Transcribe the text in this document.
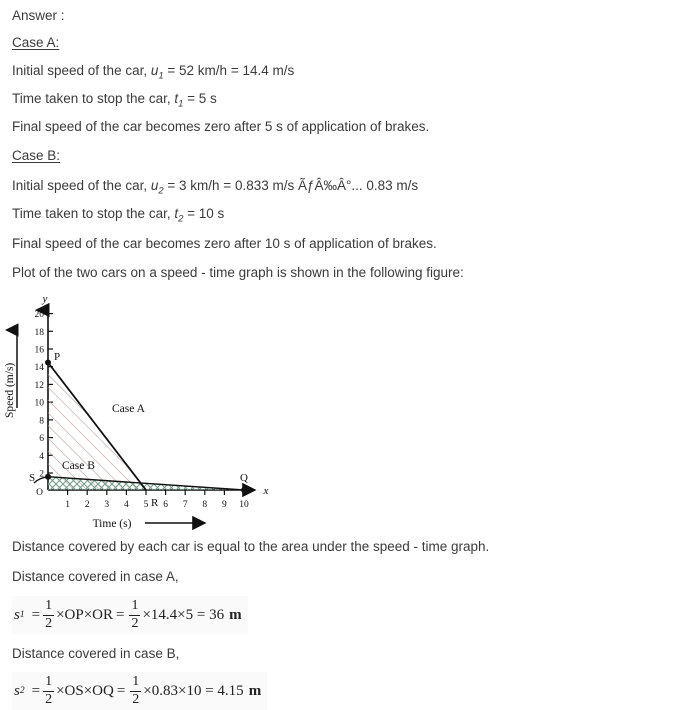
Answer :
Case A:
Initial speed of the car, $u_1 = 52$ km/h = 14.4 m/s
Time taken to stop the car, $t_1 = 5$ s
Final speed of the car becomes zero after 5 s of application of brakes.
Case B:
Initial speed of the car, $u_2 = 3$ km/h = 0.833 m/s ÃƒÂ‰Â°... 0.83 m/s
Time taken to stop the car, $t_2 = 10$ s
Final speed of the car becomes zero after 10 s of application of brakes.
Plot of the two cars on a speed - time graph is shown in the following figure:
y
x
20
18
16
14
12
10
8
6
4
2
O
1 2 3 4 5 6 7 8 9 10
P
S
R
Q
Case A
Case B
Speed (m/s)
Time (s)
Distance covered by each car is equal to the area under the speed - time graph.
Distance covered in case A,
s $1 = \frac{1}{2} \times OP\times OR = \frac{1}{2} \times 14.4\times 5 = 36$ m
Distance covered in case B,
s $2 = \frac{1}{2} \times OS\times OQ = \frac{1}{2} \times 0.83\times 10 = 4.15$ m
